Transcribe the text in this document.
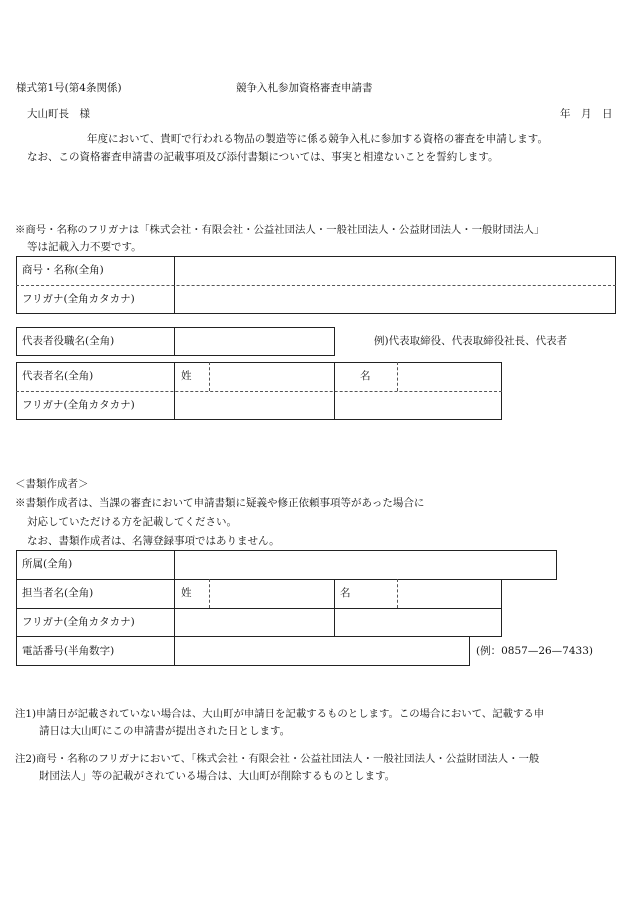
様式第1号(第4条関係)	競争入札参加資格審査申請書
大山町長　様	年　月　日
年度において、貴町で行われる物品の製造等に係る競争入札に参加する資格の審査を申請します。
なお、この資格審査申請書の記載事項及び添付書類については、事実と相違ないことを誓約します。
※商号・名称のフリガナは「株式会社・有限会社・公益社団法人・一般社団法人・公益財団法人・一般財団法人」
等は記載入力不要です。
商号・名称(全角)
フリガナ(全角カタカナ)
代表者役職名(全角)	例)代表取締役、代表取締役社長、代表者
代表者名(全角)	姓	名
フリガナ(全角カタカナ)
＜書類作成者＞
※書類作成者は、当課の審査において申請書類に疑義や修正依頼事項等があった場合に
対応していただける方を記載してください。
なお、書類作成者は、名簿登録事項ではありません。
所属(全角)
担当者名(全角)	姓	名
フリガナ(全角カタカナ)
電話番号(半角数字)	(例：0857—26—7433)
注1)申請日が記載されていない場合は、大山町が申請日を記載するものとします。この場合において、記載する申
請日は大山町にこの申請書が提出された日とします。
注2)商号・名称のフリガナにおいて、「株式会社・有限会社・公益社団法人・一般社団法人・公益財団法人・一般
財団法人」等の記載がされている場合は、大山町が削除するものとします。
